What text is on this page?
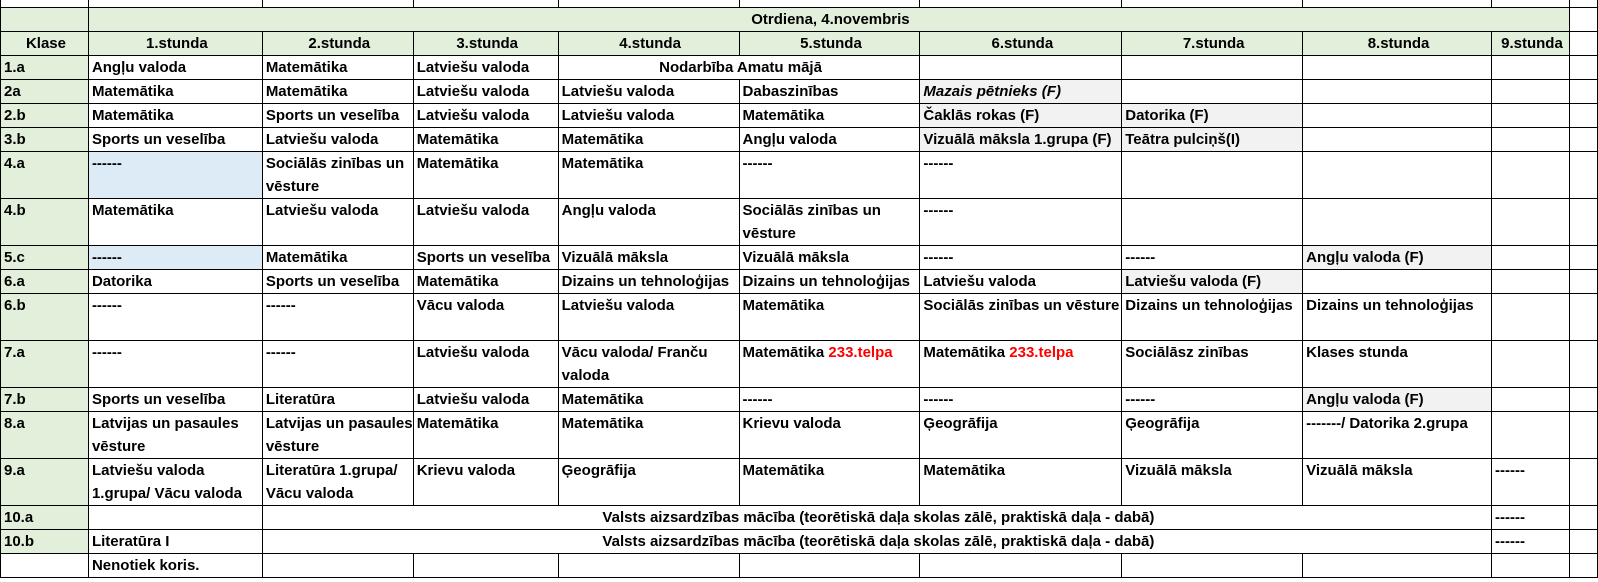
	Otrdiena, 4.novembris									
Klase	1.stunda	2.stunda	3.stunda	4.stunda	5.stunda	6.stunda	7.stunda	8.stunda	9.stunda	
1.a	Angļu valoda	Matemātika	Latviešu valoda	Nodarbība Amatu mājā						
2a	Matemātika	Matemātika	Latviešu valoda	Latviešu valoda	Dabaszinības	Mazais pētnieks (F)				
2.b	Matemātika	Sports un veselība	Latviešu valoda	Latviešu valoda	Matemātika	Čaklās rokas (F)	Datorika (F)			
3.b	Sports un veselība	Latviešu valoda	Matemātika	Matemātika	Angļu valoda	Vizuālā māksla 1.grupa (F)	Teātra pulciņš(I)			
4.a	------	Sociālās zinības un vēsture	Matemātika	Matemātika	------	------				
4.b	Matemātika	Latviešu valoda	Latviešu valoda	Angļu valoda	Sociālās zinības un vēsture	------				
5.c	------	Matemātika	Sports un veselība	Vizuālā māksla	Vizuālā māksla	------	------	Angļu valoda (F)		
6.a	Datorika	Sports un veselība	Matemātika	Dizains un tehnoloģijas	Dizains un tehnoloģijas	Latviešu valoda	Latviešu valoda (F)			
6.b	------	------	Vācu valoda	Latviešu valoda	Matemātika	Sociālās zinības un vēsture	Dizains un tehnoloģijas	Dizains un tehnoloģijas		
7.a	------	------	Latviešu valoda	Vācu valoda/ Franču valoda	Matemātika 233.telpa	Matemātika 233.telpa	Sociālāsz zinības	Klases stunda		
7.b	Sports un veselība	Literatūra	Latviešu valoda	Matemātika	------	------	------	Angļu valoda (F)		
8.a	Latvijas un pasaules vēsture	Latvijas un pasaules vēsture	Matemātika	Matemātika	Krievu valoda	Ģeogrāfija	Ģeogrāfija	-------/ Datorika 2.grupa		
9.a	Latviešu valoda 1.grupa/ Vācu valoda	Literatūra 1.grupa/ Vācu valoda	Krievu valoda	Ģeogrāfija	Matemātika	Matemātika	Vizuālā māksla	Vizuālā māksla	------	
10.a		Valsts aizsardzības mācība (teorētiskā daļa skolas zālē, praktiskā daļa - dabā)							------	
10.b	Literatūra I	Valsts aizsardzības mācība (teorētiskā daļa skolas zālē, praktiskā daļa - dabā)							------	
	Nenotiek koris.									
